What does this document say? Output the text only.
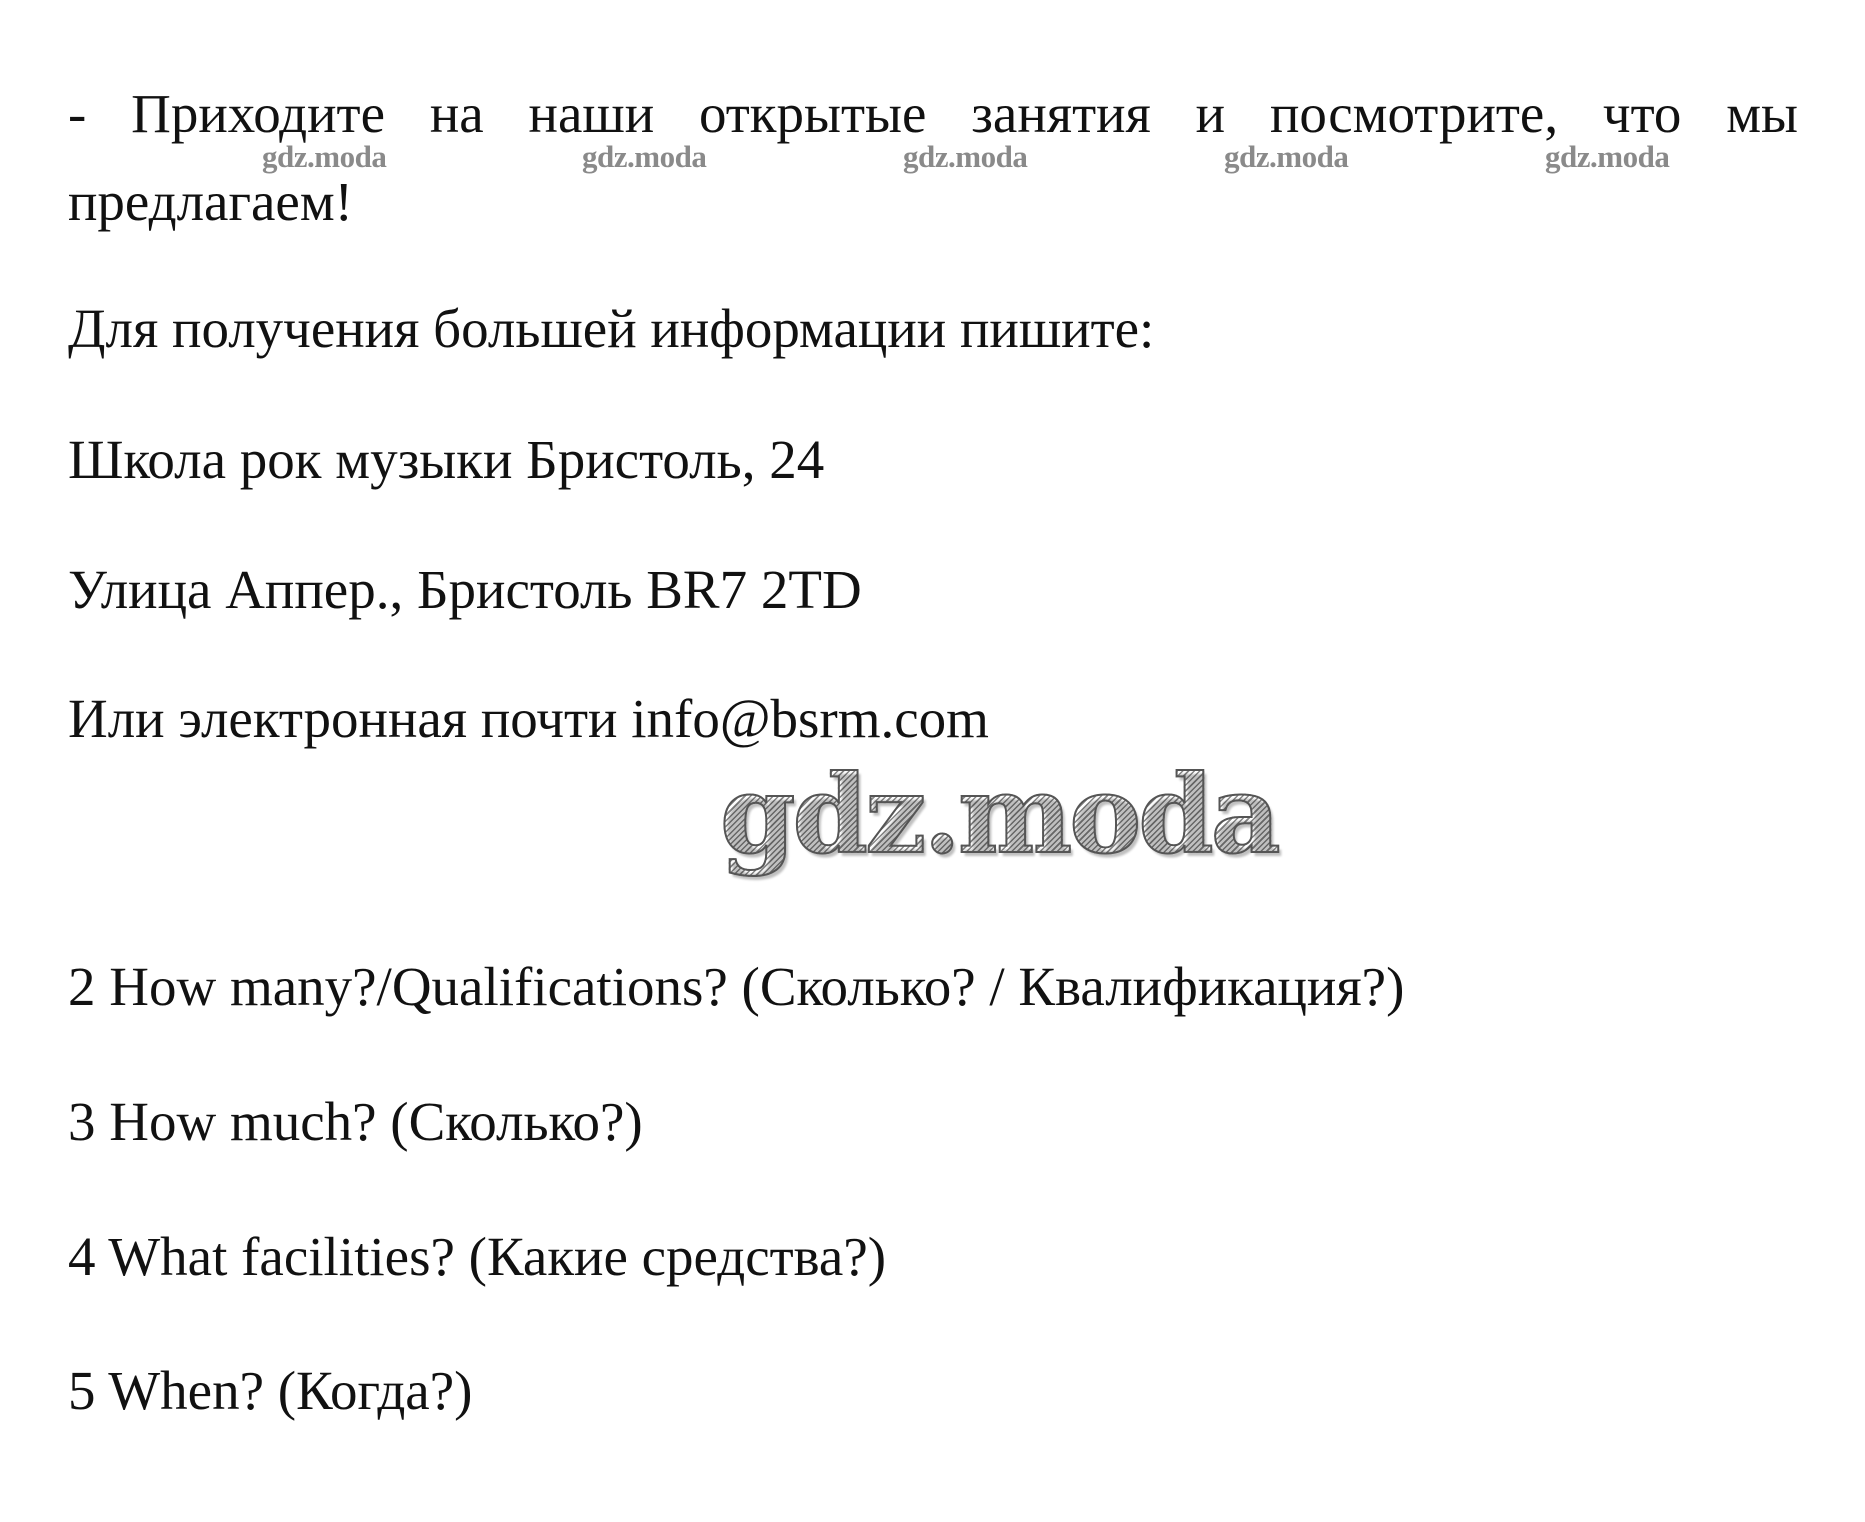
- Приходите на наши открытые занятия и посмотрите, что мы

gdz.moda	gdz.moda	gdz.moda	gdz.moda	gdz.moda

предлагаем!

Для получения большей информации пишите:

Школа рок музыки Бристоль, 24

Улица Аппер., Бристоль BR7 2TD

Или электронная почти info@bsrm.com

gdz.moda

2 How many?/Qualifications? (Сколько? / Квалификация?)

3 How much? (Сколько?)

4 What facilities? (Какие средства?)

5 When? (Когда?)
